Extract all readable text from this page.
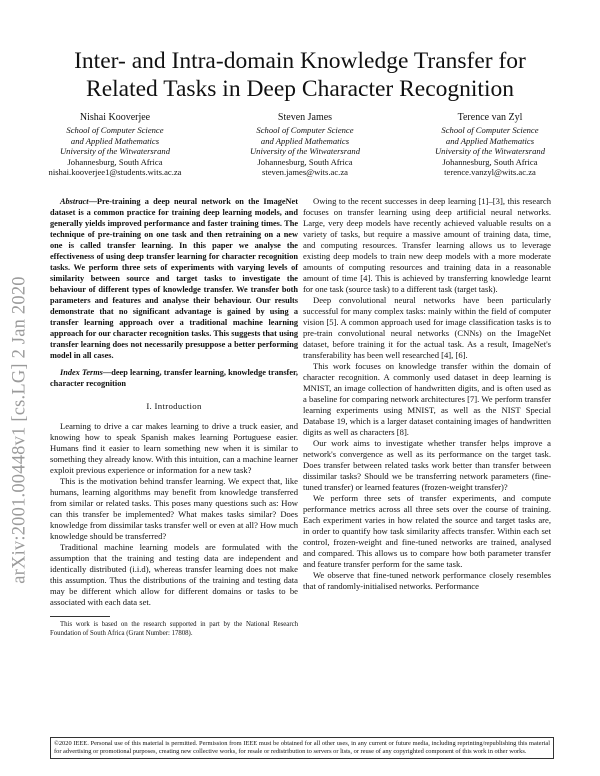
arXiv:2001.00448v1 [cs.LG] 2 Jan 2020
Inter- and Intra-domain Knowledge Transfer for Related Tasks in Deep Character Recognition
Nishai Kooverjee
School of Computer Science
and Applied Mathematics
University of the Witwatersrand
Johannesburg, South Africa
nishai.kooverjee1@students.wits.ac.za
Steven James
School of Computer Science
and Applied Mathematics
University of the Witwatersrand
Johannesburg, South Africa
steven.james@wits.ac.za
Terence van Zyl
School of Computer Science
and Applied Mathematics
University of the Witwatersrand
Johannesburg, South Africa
terence.vanzyl@wits.ac.za

Abstract—Pre-training a deep neural network on the ImageNet dataset is a common practice for training deep learning models, and generally yields improved performance and faster training times. The technique of pre-training on one task and then retraining on a new one is called transfer learning. In this paper we analyse the effectiveness of using deep transfer learning for character recognition tasks. We perform three sets of experiments with varying levels of similarity between source and target tasks to investigate the behaviour of different types of knowledge transfer. We transfer both parameters and features and analyse their behaviour. Our results demonstrate that no significant advantage is gained by using a transfer learning approach over a traditional machine learning approach for our character recognition tasks. This suggests that using transfer learning does not necessarily presuppose a better performing model in all cases.

Index Terms—deep learning, transfer learning, knowledge transfer, character recognition

I. Introduction

Learning to drive a car makes learning to drive a truck easier, and knowing how to speak Spanish makes learning Portuguese easier. Humans find it easier to learn something new when it is similar to something they already know. With this intuition, can a machine learner exploit previous experience or information for a new task?

This is the motivation behind transfer learning. We expect that, like humans, learning algorithms may benefit from knowledge transferred from similar or related tasks. This poses many questions such as: How can this transfer be implemented? What makes tasks similar? Does knowledge from dissimilar tasks transfer well or even at all? How much knowledge should be transferred?

Traditional machine learning models are formulated with the assumption that the training and testing data are independent and identically distributed (i.i.d), whereas transfer learning does not make this assumption. Thus the distributions of the training and testing data may be different which allow for different domains or tasks to be associated with each data set.

This work is based on the research supported in part by the National Research Foundation of South Africa (Grant Number: 17808).

Owing to the recent successes in deep learning [1]–[3], this research focuses on transfer learning using deep artificial neural networks. Large, very deep models have recently achieved valuable results on a variety of tasks, but require a massive amount of training data, time, and computing resources. Transfer learning allows us to leverage existing deep models to train new deep models with a more moderate amounts of computing resources and training data in a reasonable amount of time [4]. This is achieved by transferring knowledge learnt for one task (source task) to a different task (target task).

Deep convolutional neural networks have been particularly successful for many complex tasks: mainly within the field of computer vision [5]. A common approach used for image classification tasks is to pre-train convolutional neural networks (CNNs) on the ImageNet dataset, before training it for the actual task. As a result, ImageNet's transferability has been well researched [4], [6].

This work focuses on knowledge transfer within the domain of character recognition. A commonly used dataset in deep learning is MNIST, an image collection of handwritten digits, and is often used as a baseline for comparing network architectures [7]. We perform transfer learning experiments using MNIST, as well as the NIST Special Database 19, which is a larger dataset containing images of handwritten digits as well as characters [8].

Our work aims to investigate whether transfer helps improve a network's convergence as well as its performance on the target task. Does transfer between related tasks work better than transfer between dissimilar tasks? Should we be transferring network parameters (fine-tuned transfer) or learned features (frozen-weight transfer)?

We perform three sets of transfer experiments, and compute performance metrics across all three sets over the course of training. Each experiment varies in how related the source and target tasks are, in order to quantify how task similarity affects transfer. Within each set control, frozen-weight and fine-tuned networks are trained, analysed and compared. This allows us to compare how both parameter transfer and feature transfer perform for the same task.

We observe that fine-tuned network performance closely resembles that of randomly-initialised networks. Performance

©2020 IEEE. Personal use of this material is permitted. Permission from IEEE must be obtained for all other uses, in any current or future media, including reprinting/republishing this material for advertising or promotional purposes, creating new collective works, for resale or redistribution to servers or lists, or reuse of any copyrighted component of this work in other works.
